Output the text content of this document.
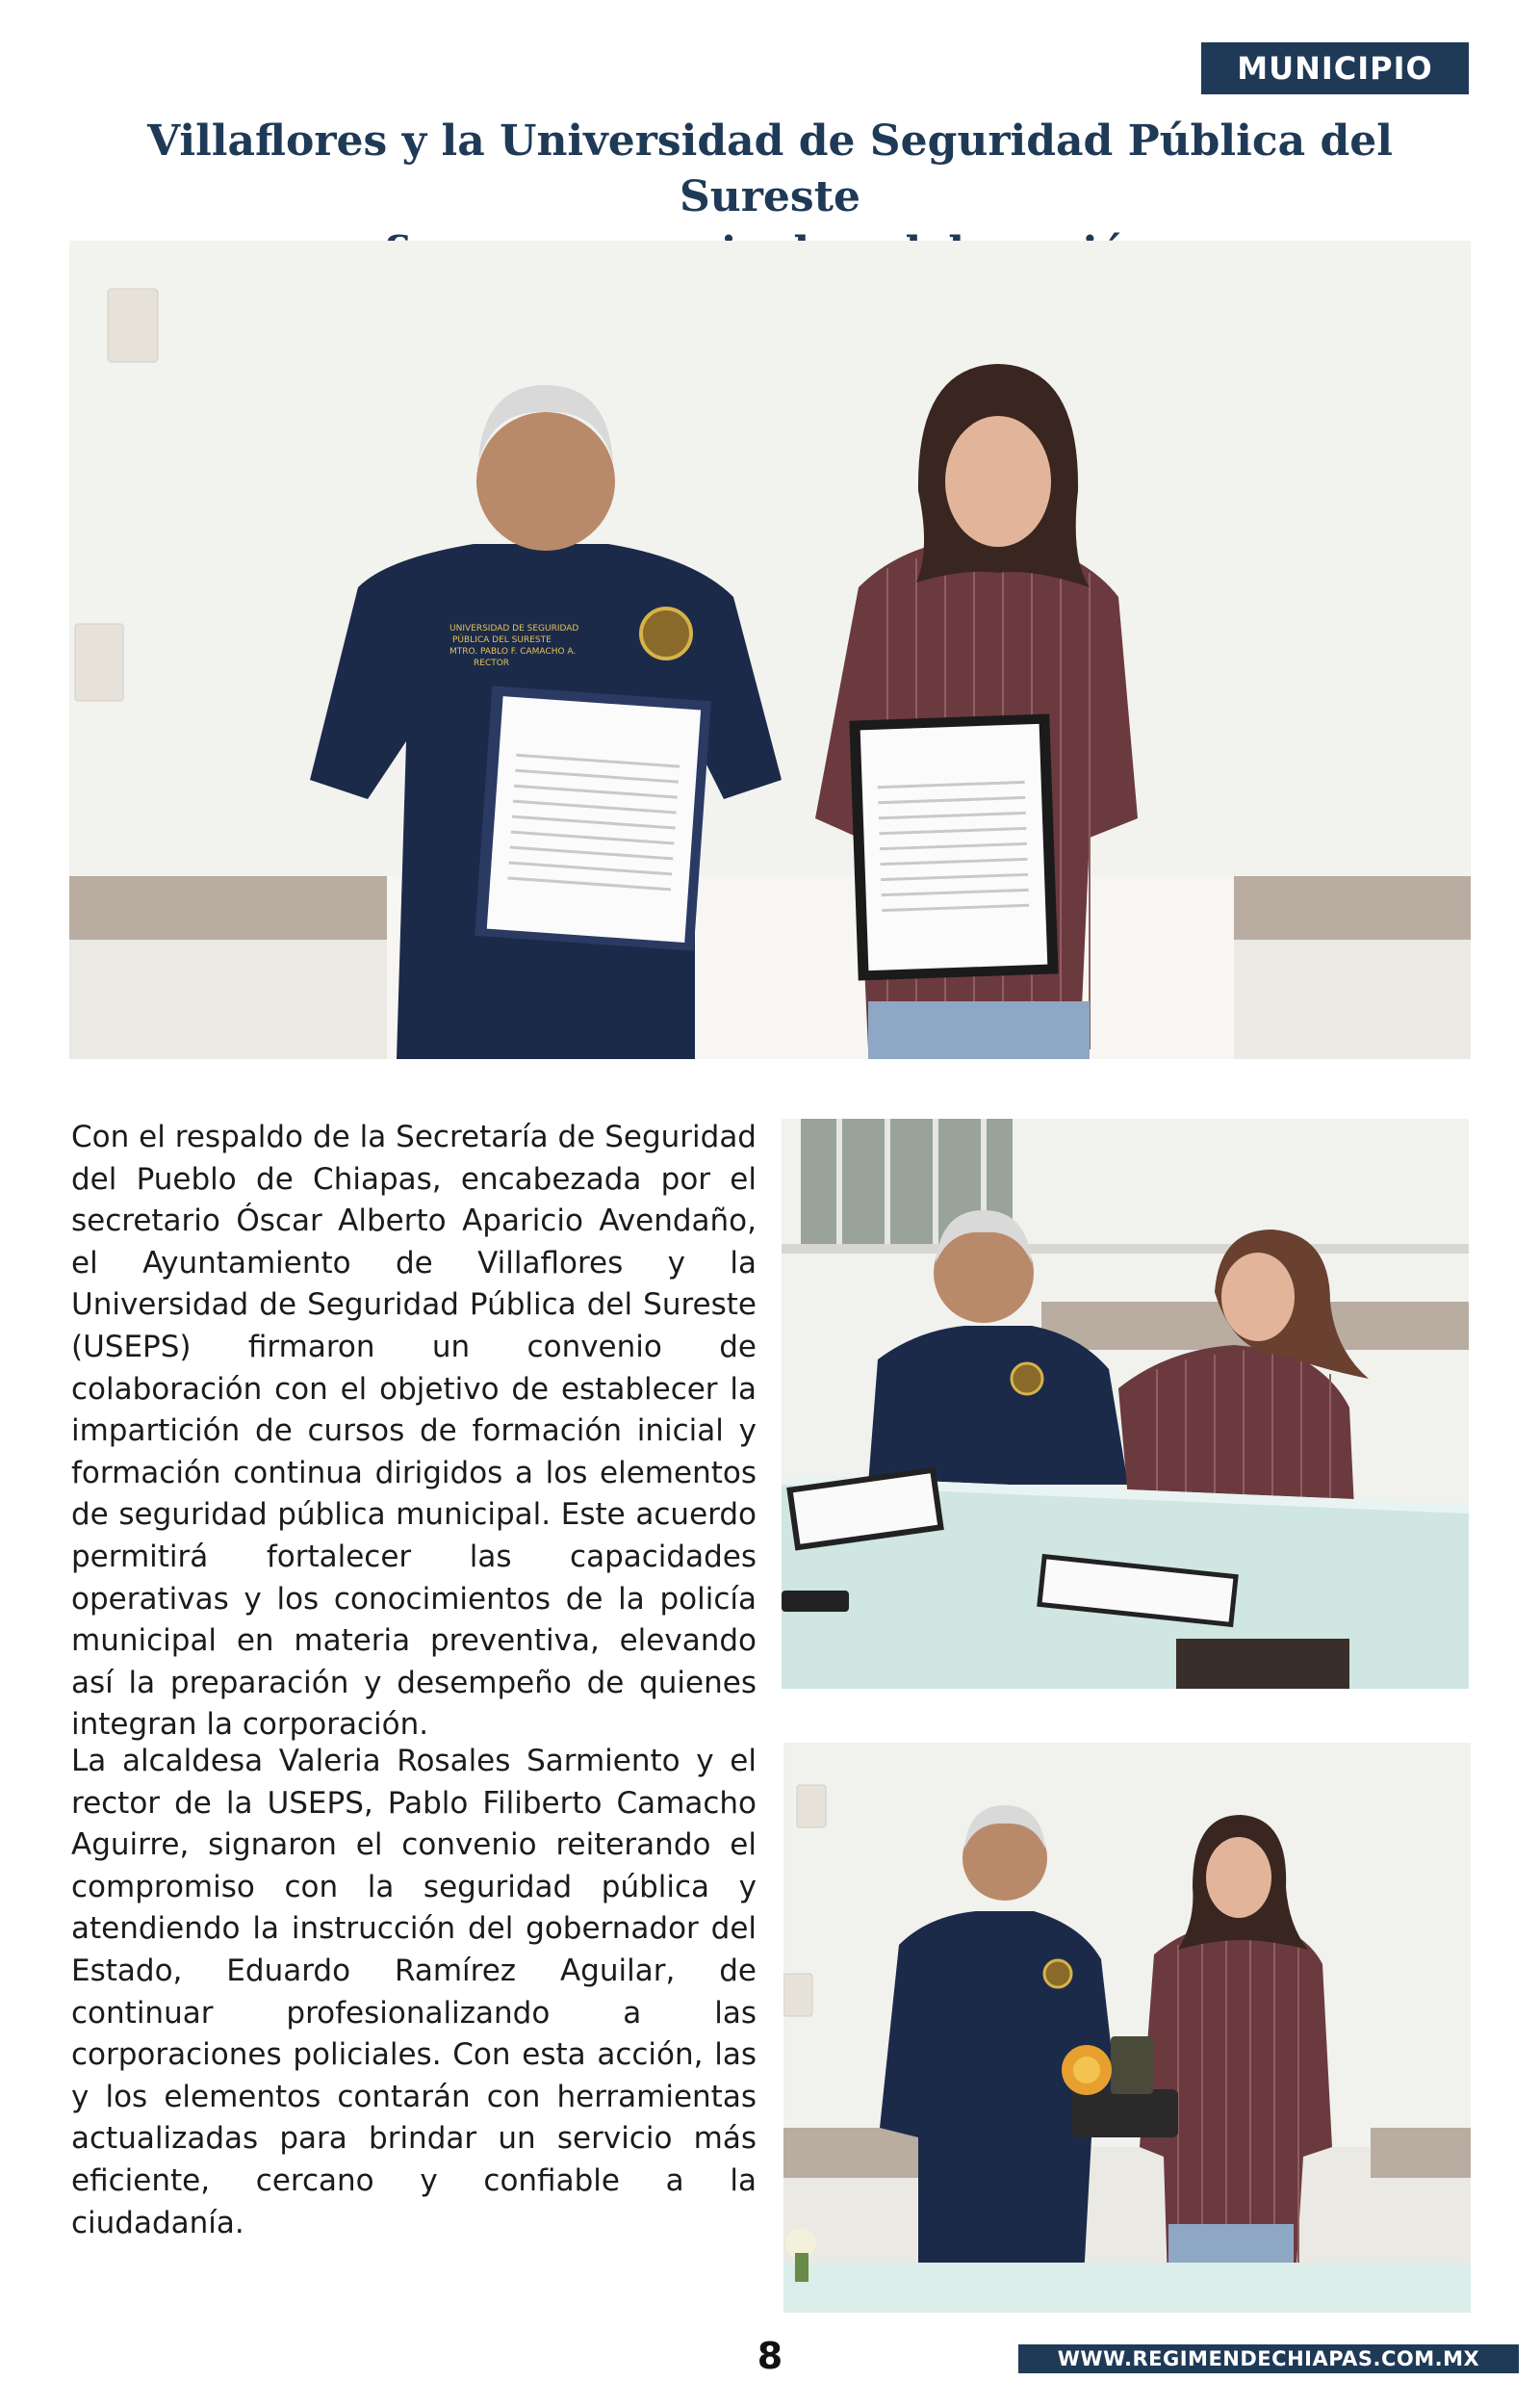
MUNICIPIO
Villaflores y la Universidad de Seguridad Pública del Sureste
UNIVERSIDAD DE SEGURIDAD
PÚBLICA DEL SURESTE
MTRO. PABLO F. CAMACHO A.
RECTOR

Con el respaldo de la Secretaría de Seguridad del Pueblo de Chiapas, encabezada por el secretario Óscar Alberto Aparicio Avendaño, el Ayuntamiento de Villaflores y la Universidad de Seguridad Pública del Sureste (USEPS) firmaron un convenio de colaboración con el objetivo de establecer la impartición de cursos de formación inicial y formación continua dirigidos a los elementos de seguridad pública municipal. Este acuerdo permitirá fortalecer las capacidades operativas y los conocimientos de la policía municipal en materia preventiva, elevando así la preparación y desempeño de quienes integran la corporación.

La alcaldesa Valeria Rosales Sarmiento y el rector de la USEPS, Pablo Filiberto Camacho Aguirre, signaron el convenio reiterando el compromiso con la seguridad pública y atendiendo la instrucción del gobernador del Estado, Eduardo Ramírez Aguilar, de continuar profesionalizando a las corporaciones policiales. Con esta acción, las y los elementos contarán con herramientas actualizadas para brindar un servicio más eficiente, cercano y confiable a la ciudadanía.

8	WWW.REGIMENDECHIAPAS.COM.MX
